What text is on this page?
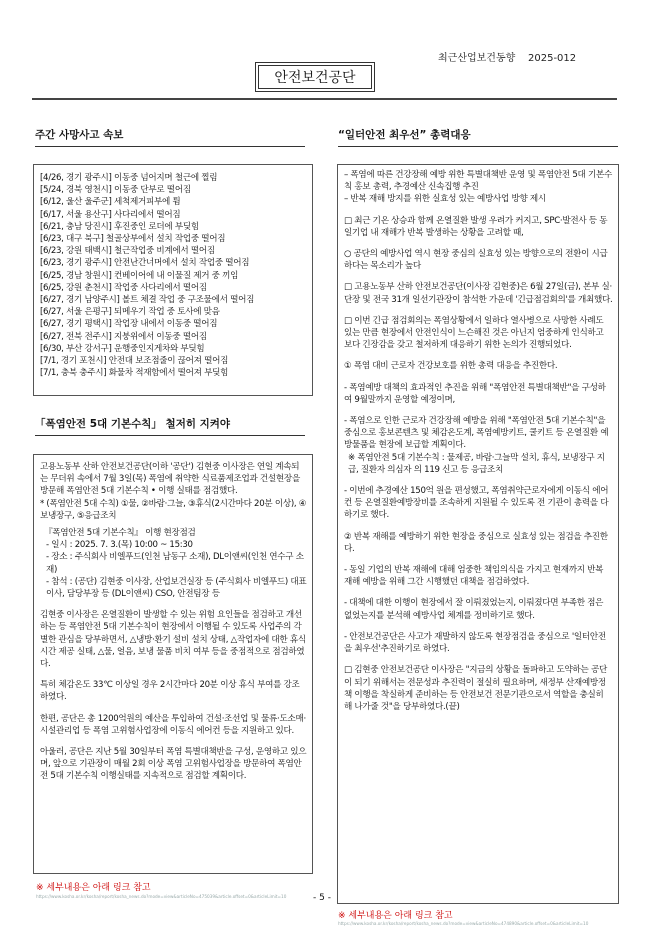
최근산업보건동향 2025-012
안전보건공단
주간 사망사고 속보

[4/26, 경기 광주시] 이동중 넘어지며 철근에 찔림

[5/24, 경북 영천시] 이동중 단부로 떨어짐

[6/12, 울산 울주군] 세척제거피부에 튐

[6/17, 서울 용산구] 사다리에서 떨어짐

[6/21, 충남 당진시] 후진중인 로더에 부딪힘

[6/23, 대구 북구] 철골상부에서 설치 작업중 떨어짐

[6/23, 강원 태백시] 철근작업중 비계에서 떨어짐

[6/23, 경기 광주시] 안전난간너머에서 설치 작업중 떨어짐

[6/25, 경남 창원시] 컨베이어에 내 이물질 제거 중 끼임

[6/25, 강원 춘천시] 작업중 사다리에서 떨어짐

[6/27, 경기 남양주시] 볼트 체결 작업 중 구조물에서 떨어짐

[6/27, 서울 은평구] 되메우기 작업 중 토사에 맞음

[6/27, 경기 평택시] 작업장 내에서 이동중 떨어짐

[6/27, 전북 전주시] 지붕위에서 이동중 떨어짐

[6/30, 부산 강서구] 운행중인지게차와 부딪힘

[7/1, 경기 포천시] 안전대 보조점줄이 끊어져 떨어짐

[7/1, 충북 충주시] 화물차 적재함에서 떨어져 부딪힘

「폭염안전 5대 기본수칙」 철저히 지켜야

고용노동부 산하 안전보건공단(이하 '공단') 김현중 이사장은 연일 계속되는 무더위 속에서 7월 3일(목) 폭염에 취약한 식료품제조업과 건설현장을 방문해 폭염안전 5대 기본수칙 • 이행 실태를 점검했다.

* (폭염안전 5대 수칙) ①물, ②바람·그늘, ③휴식(2시간마다 20분 이상), ④보냉장구, ⑤응급조치

『폭염안전 5대 기본수칙』 이행 현장점검

- 일시 : 2025. 7. 3.(목) 10:00 ~ 15:30

- 장소 : 주식회사 비엘푸드(인천 남동구 소재), DL이앤씨(인천 연수구 소재)

- 참석 : (공단) 김현중 이사장, 산업보건실장 등 (주식회사 비엘푸드) 대표이사, 담당부장 등 (DL이앤씨) CSO, 안전팀장 등

김현중 이사장은 온열질환이 발생할 수 있는 위험 요인들을 점검하고 개선하는 등 폭염안전 5대 기본수칙이 현장에서 이행될 수 있도록 사업주의 각별한 관심을 당부하면서, △냉방·환기 설비 설치 상태, △작업자에 대한 휴식시간 제공 실태, △물, 얼음, 보냉 물품 비치 여부 등을 중점적으로 점검하였다.

특히 체감온도 33℃ 이상일 경우 2시간마다 20분 이상 휴식 부여를 강조하였다.

한편, 공단은 총 1200억원의 예산을 투입하여 건설·조선업 및 물류·도소매·시설관리업 등 폭염 고위험사업장에 이동식 에어컨 등을 지원하고 있다.

아울러, 공단은 지난 5월 30일부터 폭염 특별대책반을 구성, 운영하고 있으며, 앞으로 기관장이 매월 2회 이상 폭염 고위험사업장을 방문하여 폭염안전 5대 기본수칙 이행실태를 지속적으로 점검할 계획이다.

“일터안전 최우선” 총력대응

– 폭염에 따른 건강장해 예방 위한 특별대책반 운영 및 폭염안전 5대 기본수칙 홍보 총력, 추경예산 신속집행 추진

– 반복 재해 방지를 위한 실효성 있는 예방사업 방향 제시

□ 최근 기온 상승과 함께 온열질환 발생 우려가 커지고, SPC·발전사 등 동일기업 내 재해가 반복 발생하는 상황을 고려할 때,

○ 공단의 예방사업 역시 현장 중심의 실효성 있는 방향으로의 전환이 시급하다는 목소리가 높다

□ 고용노동부 산하 안전보건공단(이사장 김현중)은 6월 27일(금), 본부 실·단장 및 전국 31개 일선기관장이 참석한 가운데 '긴급점검회의'를 개최했다.

□ 이번 긴급 점검회의는 폭염상황에서 일하다 열사병으로 사망한 사례도 있는 만큼 현장에서 안전인식이 느슨해진 것은 아닌지 엄중하게 인식하고 보다 긴장감을 갖고 철저하게 대응하기 위한 논의가 진행되었다.

① 폭염 대비 근로자 건강보호를 위한 총력 대응을 추진한다.

- 폭염예방 대책의 효과적인 추진을 위해 "폭염안전 특별대책반"을 구성하여 9월말까지 운영할 예정이며,

- 폭염으로 인한 근로자 건강장해 예방을 위해 "폭염안전 5대 기본수칙"을 중심으로 홍보콘텐츠 및 체감온도계, 폭염예방키트, 쿨키트 등 온열질환 예방물품을 현장에 보급할 계획이다.

※ 폭염안전 5대 기본수칙 : 물제공, 바람·그늘막 설치, 휴식, 보냉장구 지급, 질환자 의심자 의 119 신고 등 응급조치

- 이번에 추경예산 150억 원을 편성했고, 폭염취약근로자에게 이동식 에어컨 등 온열질환예방장비를 조속하게 지원될 수 있도록 전 기관이 총력을 다하기로 했다.

② 반복 재해를 예방하기 위한 현장을 중심으로 실효성 있는 점검을 추진한다.

- 동일 기업의 반복 재해에 대해 엄중한 책임의식을 가지고 현재까지 반복 재해 예방을 위해 그간 시행했던 대책을 점검하였다.

- 대책에 대한 이행이 현장에서 잘 이뤄졌었는지, 이뤄졌다면 부족한 점은 없었는지를 분석해 예방사업 체계를 정비하기로 했다.

- 안전보건공단은 사고가 재발하지 않도록 현장점검을 중심으로 '일터안전을 최우선'추진하기로 하였다.

□ 김현중 안전보건공단 이사장은 "지금의 상황을 돌파하고 도약하는 공단이 되기 위해서는 전문성과 추진력이 절실히 필요하며, 새정부 산재예방정책 이행을 착실하게 준비하는 등 안전보건 전문기관으로서 역할을 충실히 해 나가줄 것"을 당부하였다.(끝)

※ 세부내용은 아래 링크 참고
https://www.kosha.or.kr/kosha/report/kosha_news.do?mode=view&articleNo=475039&article.offset=0&articleLimit=10	- 5 -
※ 세부내용은 아래 링크 참고
https://www.kosha.or.kr/kosha/report/kosha_news.do?mode=view&articleNo=474890&article.offset=0&articleLimit=10
